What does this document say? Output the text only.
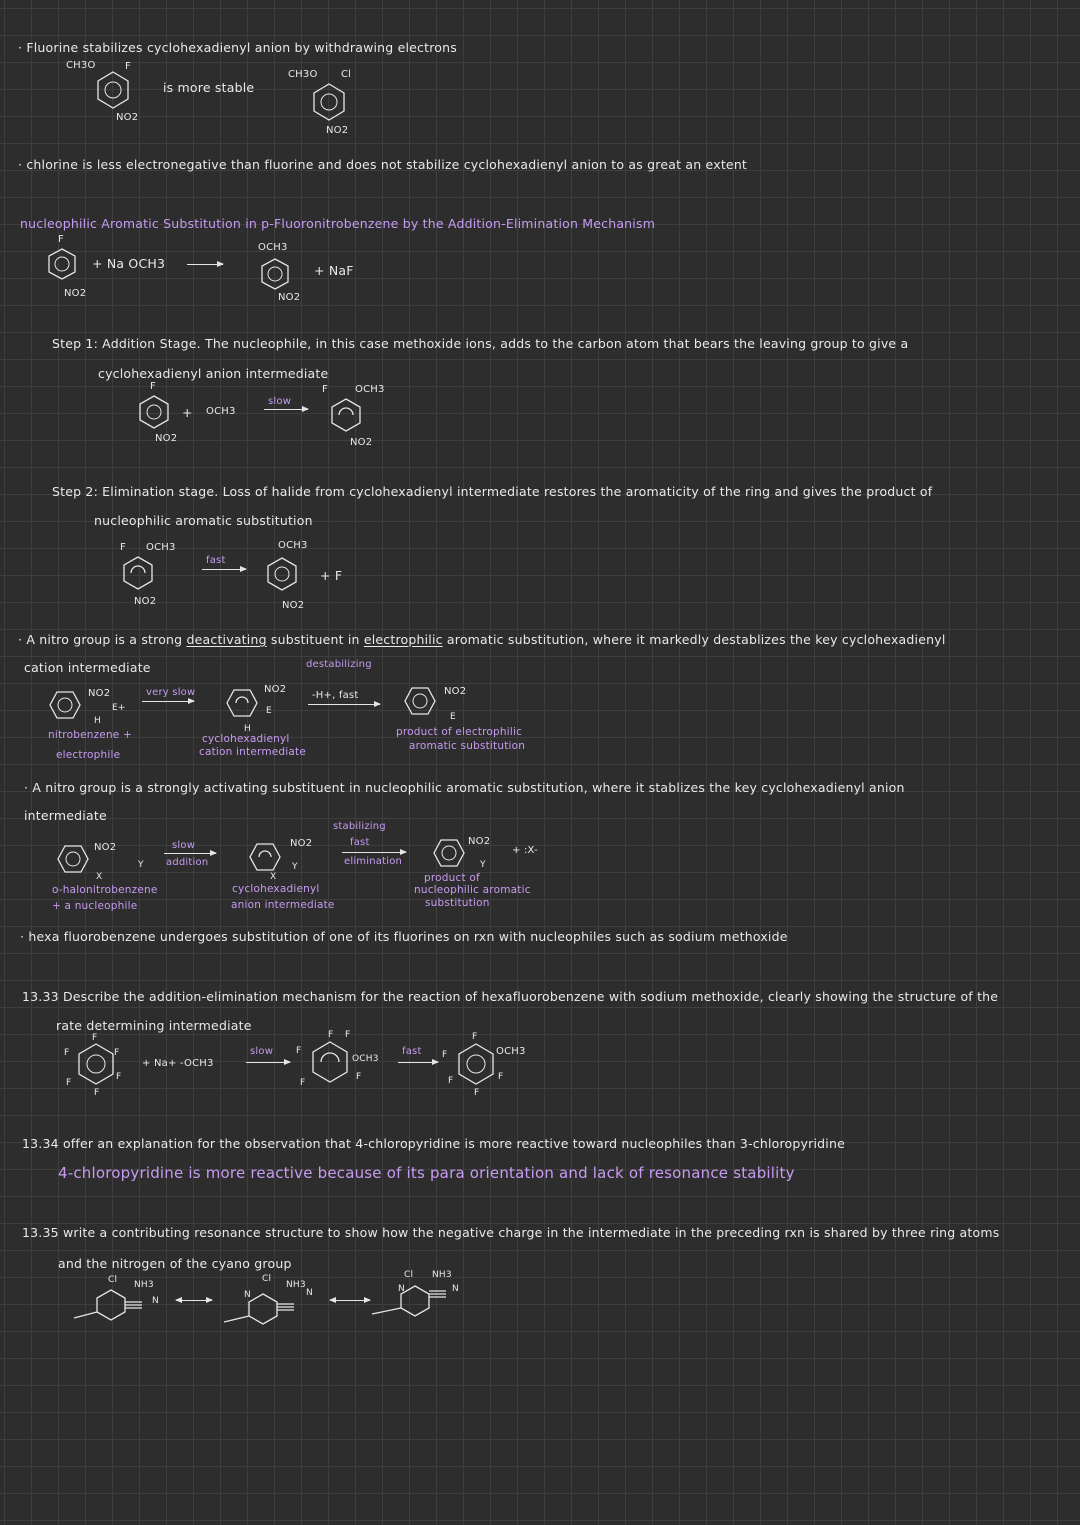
· Fluorine stabilizes cyclohexadienyl anion by withdrawing electrons
CH3O	F
NO2
is more stable
CH3O Cl
NO2
· chlorine is less electronegative than fluorine and does not stabilize cyclohexadienyl anion to as great an extent
nucleophilic Aromatic Substitution in p-Fluoronitrobenzene by the Addition-Elimination Mechanism
F
NO2
+ Na OCH3 →
OCH3
NO2
+ NaF
Step 1: Addition Stage. The nucleophile, in this case methoxide ions, adds to the carbon atom that bears the leaving group to give a
cyclohexadienyl anion intermediate
F
NO2
+ OCH3
slow
F	OCH3
NO2
Step 2: Elimination stage. Loss of halide from cyclohexadienyl intermediate restores the aromaticity of the ring and gives the product of
nucleophilic aromatic substitution
F OCH3
NO2
fast
OCH3
NO2
+ F
· A nitro group is a strong deactivating substituent in electrophilic aromatic substitution, where it markedly destablizes the key cyclohexadienyl
cation intermediate	destabilizing
NO2
E+
H
nitrobenzene +
electrophile
very slow	NO2
E
H
cyclohexadienyl
cation intermediate
-H+, fast	NO2
E
product of electrophilic
aromatic substitution
· A nitro group is a strongly activating substituent in nucleophilic aromatic substitution, where it stablizes the key cyclohexadienyl anion
intermediate
stabilizing
NO2
X
Y
o-halonitrobenzene
+ a nucleophile
slow
addition
NO2
Y
X
cyclohexadienyl
anion intermediate
fast
elimination
NO2
Y
+ :X-
product of
nucleophilic aromatic
substitution
· hexa fluorobenzene undergoes substitution of one of its fluorines on rxn with nucleophiles such as sodium methoxide
13.33 Describe the addition-elimination mechanism for the reaction of hexafluorobenzene with sodium methoxide, clearly showing the structure of the
rate determining intermediate
F
F	F
F
F
F
+ Na+ -OCH3
slow
F F
F
F
F
OCH3
fast
F
F
F	F
F
OCH3
13.34 offer an explanation for the observation that 4-chloropyridine is more reactive toward nucleophiles than 3-chloropyridine
4-chloropyridine is more reactive because of its para orientation and lack of resonance stability
13.35 write a contributing resonance structure to show how the negative charge in the intermediate in the preceding rxn is shared by three ring atoms
and the nitrogen of the cyano group
Cl NH3
N
Cl
NH3
N	N
Cl NH3
N	N
